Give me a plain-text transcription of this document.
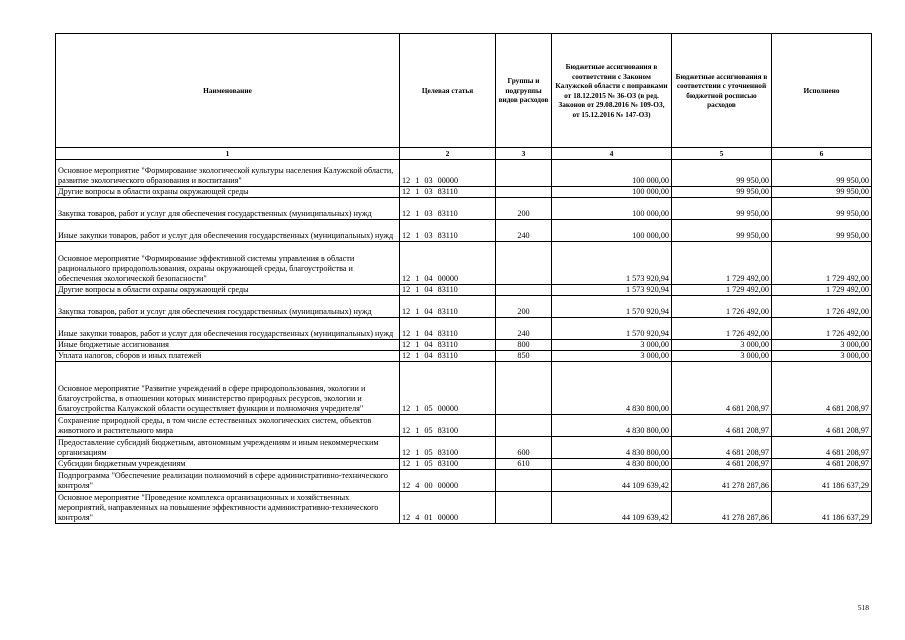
Наименование	Целевая статья	Группы и подгруппы видов расходов	Бюджетные ассигнования в соответствии с Законом Калужской области с поправками от 18.12.2015 № 36-ОЗ (в ред. Законов от 29.08.2016 № 109-ОЗ, от 15.12.2016 № 147-ОЗ)	Бюджетные ассигнования в соответствии с уточненной бюджетной росписью расходов	Исполнено
1	2	3	4	5	6
Основное мероприятие "Формирование экологической культуры населения Калужской области, развитие экологического образования и воспитания"	12 1 03 00000		100 000,00	99 950,00	99 950,00
Другие вопросы в области охраны окружающей среды	12 1 03 83110		100 000,00	99 950,00	99 950,00
Закупка товаров, работ и услуг для обеспечения государственных (муниципальных) нужд	12 1 03 83110	200	100 000,00	99 950,00	99 950,00
Иные закупки товаров, работ и услуг для обеспечения государственных (муниципальных) нужд	12 1 03 83110	240	100 000,00	99 950,00	99 950,00
Основное мероприятие "Формирование эффективной системы управления в области рационального природопользования, охраны окружающей среды, благоустройства и обеспечения экологической безопасности"	12 1 04 00000		1 573 920,94	1 729 492,00	1 729 492,00
Другие вопросы в области охраны окружающей среды	12 1 04 83110		1 573 920,94	1 729 492,00	1 729 492,00
Закупка товаров, работ и услуг для обеспечения государственных (муниципальных) нужд	12 1 04 83110	200	1 570 920,94	1 726 492,00	1 726 492,00
Иные закупки товаров, работ и услуг для обеспечения государственных (муниципальных) нужд	12 1 04 83110	240	1 570 920,94	1 726 492,00	1 726 492,00
Иные бюджетные ассигнования	12 1 04 83110	800	3 000,00	3 000,00	3 000,00
Уплата налогов, сборов и иных платежей	12 1 04 83110	850	3 000,00	3 000,00	3 000,00
Основное мероприятие "Развитие учреждений в сфере природопользования, экологии и благоустройства, в отношении которых министерство природных ресурсов, экологии и благоустройства Калужской области осуществляет функции и полномочия учредителя"	12 1 05 00000		4 830 800,00	4 681 208,97	4 681 208,97
Сохранение природной среды, в том числе естественных экологических систем, объектов животного и растительного мира	12 1 05 83100		4 830 800,00	4 681 208,97	4 681 208,97
Предоставление субсидий бюджетным, автономным учреждениям и иным некоммерческим организациям	12 1 05 83100	600	4 830 800,00	4 681 208,97	4 681 208,97
Субсидии бюджетным учреждениям	12 1 05 83100	610	4 830 800,00	4 681 208,97	4 681 208,97
Подпрограмма "Обеспечение реализации полномочий в сфере административно-технического контроля"	12 4 00 00000		44 109 639,42	41 278 287,86	41 186 637,29
Основное мероприятие "Проведение комплекса организационных и хозяйственных мероприятий, направленных на повышение эффективности административно-технического контроля"	12 4 01 00000		44 109 639,42	41 278 287,86	41 186 637,29
518
